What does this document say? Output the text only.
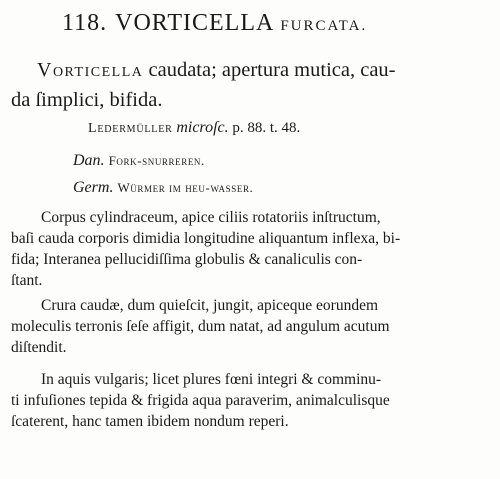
118. VORTICELLA FURCATA.
Vorticella caudata; apertura mutica, cau-
da ſimplici, bifida.
Ledermüller microſc. p. 88. t. 48.
Dan. Fork-snurreren.
Germ. Würmer im heu-wasser.
Corpus cylindraceum, apice ciliis rotatoriis inſtructum,
baſi cauda corporis dimidia longitudine aliquantum inflexa, bi-
fida; Interanea pellucidiſſima globulis & canaliculis con-
ſtant.
Crura caudæ, dum quieſcit, jungit, apiceque eorundem
moleculis terronis ſeſe affigit, dum natat, ad angulum acutum
diſtendit.
In aquis vulgaris; licet plures fœni integri & comminu-
ti infuſiones tepida & frigida aqua paraverim, animalculisque
ſcaterent, hanc tamen ibidem nondum reperi.
